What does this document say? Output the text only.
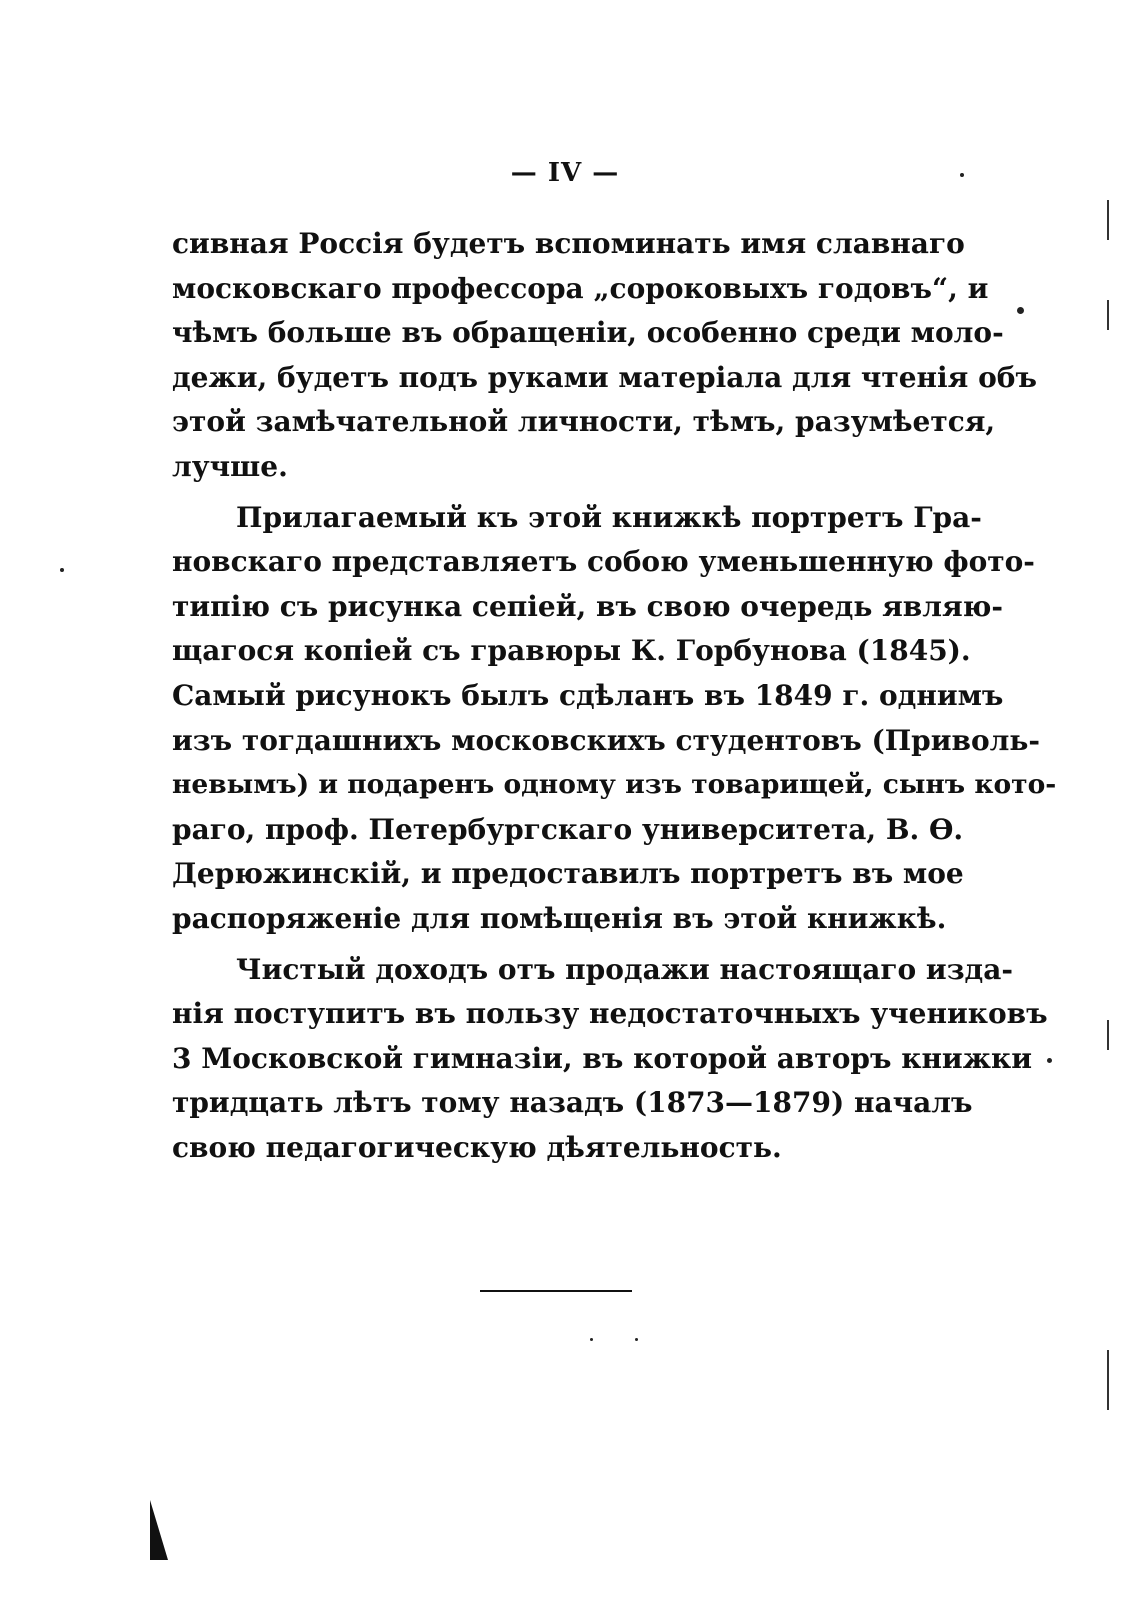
— IV —
сивная Россія будетъ вспоминать имя славнаго
московскаго профессора „сороковыхъ годовъ“, и
чѣмъ больше въ обращеніи, особенно среди моло-
дежи, будетъ подъ руками матеріала для чтенія объ
этой замѣчательной личности, тѣмъ, разумѣется,
лучше.
Прилагаемый къ этой книжкѣ портретъ Гра-
новскаго представляетъ собою уменьшенную фото-
типію съ рисунка сепіей, въ свою очередь являю-
щагося копіей съ гравюры К. Горбунова (1845).
Самый рисунокъ былъ сдѣланъ въ 1849 г. однимъ
изъ тогдашнихъ московскихъ студентовъ (Приволь-
невымъ) и подаренъ одному изъ товарищей, сынъ кото-
раго, проф. Петербургскаго университета, В. Ѳ.
Дерюжинскій, и предоставилъ портретъ въ мое
распоряженіе для помѣщенія въ этой книжкѣ.
Чистый доходъ отъ продажи настоящаго изда-
нія поступитъ въ пользу недостаточныхъ учениковъ
3 Московской гимназіи, въ которой авторъ книжки
тридцать лѣтъ тому назадъ (1873—1879) началъ
свою педагогическую дѣятельность.
